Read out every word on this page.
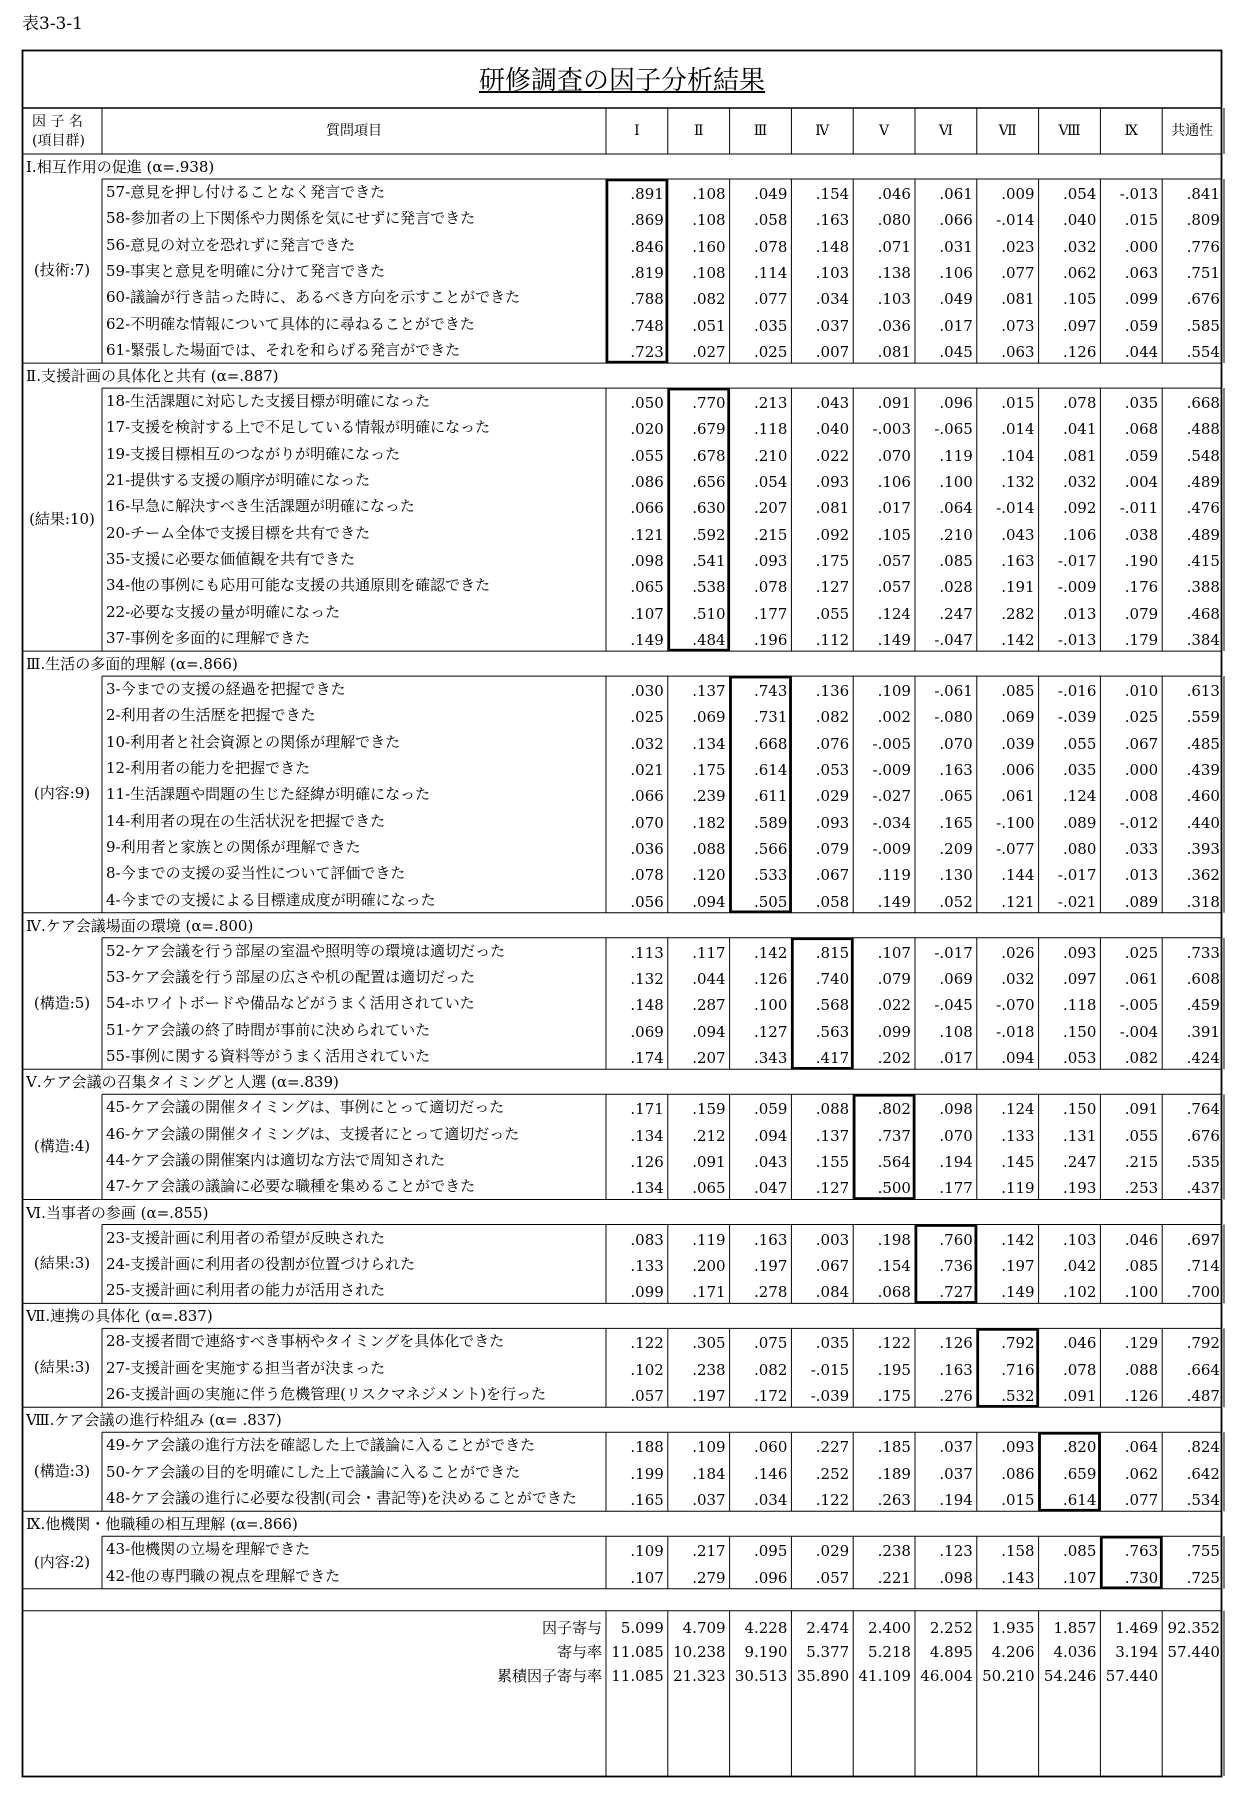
表3-3-1
研修調査の因子分析結果
因 子 名
(項目群)
質問項目	Ⅰ	Ⅱ	Ⅲ	Ⅳ	Ⅴ	Ⅵ	Ⅶ	Ⅷ	Ⅸ	共通性
Ⅰ.相互作用の促進 (α=.938)
(技術:7)
57-意見を押し付けることなく発言できた	.891	.108	.049	.154	.046	.061	.009	.054	-.013	.841
58-参加者の上下関係や力関係を気にせずに発言できた	.869	.108	.058	.163	.080	.066	-.014	.040	.015	.809
56-意見の対立を恐れずに発言できた	.846	.160	.078	.148	.071	.031	.023	.032	.000	.776
59-事実と意見を明確に分けて発言できた	.819	.108	.114	.103	.138	.106	.077	.062	.063	.751
60-議論が行き詰った時に、あるべき方向を示すことができた	.788	.082	.077	.034	.103	.049	.081	.105	.099	.676
62-不明確な情報について具体的に尋ねることができた	.748	.051	.035	.037	.036	.017	.073	.097	.059	.585
61-緊張した場面では、それを和らげる発言ができた	.723	.027	.025	.007	.081	.045	.063	.126	.044	.554
Ⅱ.支援計画の具体化と共有 (α=.887)
(結果:10)
18-生活課題に対応した支援目標が明確になった	.050	.770	.213	.043	.091	.096	.015	.078	.035	.668
17-支援を検討する上で不足している情報が明確になった	.020	.679	.118	.040	-.003	-.065	.014	.041	.068	.488
19-支援目標相互のつながりが明確になった	.055	.678	.210	.022	.070	.119	.104	.081	.059	.548
21-提供する支援の順序が明確になった	.086	.656	.054	.093	.106	.100	.132	.032	.004	.489
16-早急に解決すべき生活課題が明確になった	.066	.630	.207	.081	.017	.064	-.014	.092	-.011	.476
20-チーム全体で支援目標を共有できた	.121	.592	.215	.092	.105	.210	.043	.106	.038	.489
35-支援に必要な価値観を共有できた	.098	.541	.093	.175	.057	.085	.163	-.017	.190	.415
34-他の事例にも応用可能な支援の共通原則を確認できた	.065	.538	.078	.127	.057	.028	.191	-.009	.176	.388
22-必要な支援の量が明確になった	.107	.510	.177	.055	.124	.247	.282	.013	.079	.468
37-事例を多面的に理解できた	.149	.484	.196	.112	.149	-.047	.142	-.013	.179	.384
Ⅲ.生活の多面的理解 (α=.866)
(内容:9)
3-今までの支援の経過を把握できた	.030	.137	.743	.136	.109	-.061	.085	-.016	.010	.613
2-利用者の生活歴を把握できた	.025	.069	.731	.082	.002	-.080	.069	-.039	.025	.559
10-利用者と社会資源との関係が理解できた	.032	.134	.668	.076	-.005	.070	.039	.055	.067	.485
12-利用者の能力を把握できた	.021	.175	.614	.053	-.009	.163	.006	.035	.000	.439
11-生活課題や問題の生じた経緯が明確になった	.066	.239	.611	.029	-.027	.065	.061	.124	.008	.460
14-利用者の現在の生活状況を把握できた	.070	.182	.589	.093	-.034	.165	-.100	.089	-.012	.440
9-利用者と家族との関係が理解できた	.036	.088	.566	.079	-.009	.209	-.077	.080	.033	.393
8-今までの支援の妥当性について評価できた	.078	.120	.533	.067	.119	.130	.144	-.017	.013	.362
4-今までの支援による目標達成度が明確になった	.056	.094	.505	.058	.149	.052	.121	-.021	.089	.318
Ⅳ.ケア会議場面の環境 (α=.800)
(構造:5)
52-ケア会議を行う部屋の室温や照明等の環境は適切だった	.113	.117	.142	.815	.107	-.017	.026	.093	.025	.733
53-ケア会議を行う部屋の広さや机の配置は適切だった	.132	.044	.126	.740	.079	.069	.032	.097	.061	.608
54-ホワイトボードや備品などがうまく活用されていた	.148	.287	.100	.568	.022	-.045	-.070	.118	-.005	.459
51-ケア会議の終了時間が事前に決められていた	.069	.094	.127	.563	.099	.108	-.018	.150	-.004	.391
55-事例に関する資料等がうまく活用されていた	.174	.207	.343	.417	.202	.017	.094	.053	.082	.424
Ⅴ.ケア会議の召集タイミングと人選 (α=.839)
(構造:4)
45-ケア会議の開催タイミングは、事例にとって適切だった	.171	.159	.059	.088	.802	.098	.124	.150	.091	.764
46-ケア会議の開催タイミングは、支援者にとって適切だった	.134	.212	.094	.137	.737	.070	.133	.131	.055	.676
44-ケア会議の開催案内は適切な方法で周知された	.126	.091	.043	.155	.564	.194	.145	.247	.215	.535
47-ケア会議の議論に必要な職種を集めることができた	.134	.065	.047	.127	.500	.177	.119	.193	.253	.437
Ⅵ.当事者の参画 (α=.855)
(結果:3)
23-支援計画に利用者の希望が反映された	.083	.119	.163	.003	.198	.760	.142	.103	.046	.697
24-支援計画に利用者の役割が位置づけられた	.133	.200	.197	.067	.154	.736	.197	.042	.085	.714
25-支援計画に利用者の能力が活用された	.099	.171	.278	.084	.068	.727	.149	.102	.100	.700
Ⅶ.連携の具体化 (α=.837)
(結果:3)
28-支援者間で連絡すべき事柄やタイミングを具体化できた	.122	.305	.075	.035	.122	.126	.792	.046	.129	.792
27-支援計画を実施する担当者が決まった	.102	.238	.082	-.015	.195	.163	.716	.078	.088	.664
26-支援計画の実施に伴う危機管理(リスクマネジメント)を行った	.057	.197	.172	-.039	.175	.276	.532	.091	.126	.487
Ⅷ.ケア会議の進行枠組み (α= .837)
(構造:3)
49-ケア会議の進行方法を確認した上で議論に入ることができた	.188	.109	.060	.227	.185	.037	.093	.820	.064	.824
50-ケア会議の目的を明確にした上で議論に入ることができた	.199	.184	.146	.252	.189	.037	.086	.659	.062	.642
48-ケア会議の進行に必要な役割(司会・書記等)を決めることができた	.165	.037	.034	.122	.263	.194	.015	.614	.077	.534
Ⅸ.他機関・他職種の相互理解 (α=.866)
(内容:2)
43-他機関の立場を理解できた	.109	.217	.095	.029	.238	.123	.158	.085	.763	.755
42-他の専門職の視点を理解できた	.107	.279	.096	.057	.221	.098	.143	.107	.730	.725
因子寄与	5.099	4.709	4.228	2.474	2.400	2.252	1.935	1.857	1.469 92.352
寄与率 11.085 10.238	9.190	5.377	5.218	4.895	4.206	4.036	3.194 57.440
累積因子寄与率 11.085 21.323 30.513 35.890 41.109 46.004 50.210 54.246 57.440
